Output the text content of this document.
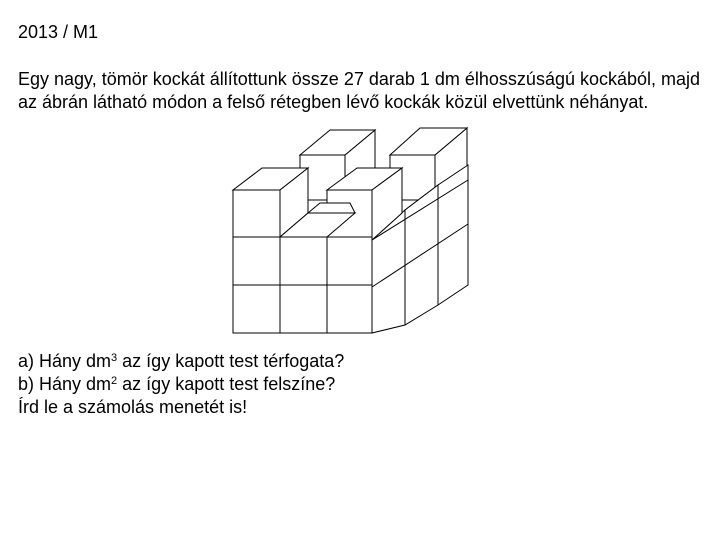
2013 / M1

Egy nagy, tömör kockát állítottunk össze 27 darab 1 dm élhosszúságú kockából, majd az ábrán látható módon a felső rétegben lévő kockák közül elvettünk néhányat.

a) Hány $dm^3$ az így kapott test térfogata?

b) Hány $dm^2$ az így kapott test felszíne?

Írd le a számolás menetét is!
